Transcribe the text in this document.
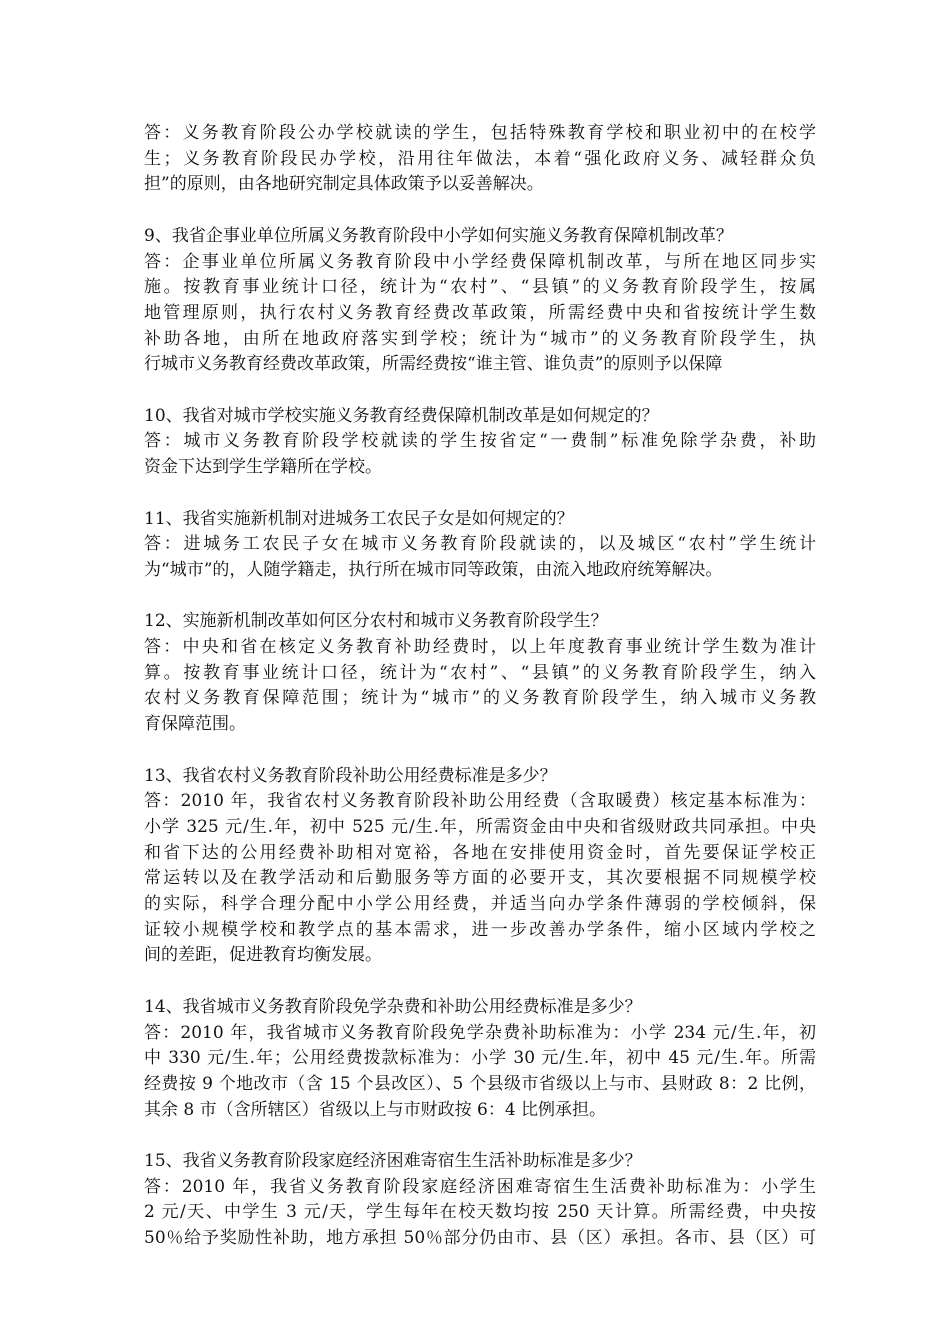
答：义务教育阶段公办学校就读的学生，包括特殊教育学校和职业初中的在校学
生；义务教育阶段民办学校，沿用往年做法，本着“强化政府义务、减轻群众负
担”的原则，由各地研究制定具体政策予以妥善解决。
9、我省企事业单位所属义务教育阶段中小学如何实施义务教育保障机制改革？
答：企事业单位所属义务教育阶段中小学经费保障机制改革，与所在地区同步实
施。按教育事业统计口径，统计为“农村”、“县镇”的义务教育阶段学生，按属
地管理原则，执行农村义务教育经费改革政策，所需经费中央和省按统计学生数
补助各地，由所在地政府落实到学校；统计为“城市”的义务教育阶段学生，执
行城市义务教育经费改革政策，所需经费按“谁主管、谁负责”的原则予以保障
10、我省对城市学校实施义务教育经费保障机制改革是如何规定的？
答：城市义务教育阶段学校就读的学生按省定“一费制”标准免除学杂费，补助
资金下达到学生学籍所在学校。
11、我省实施新机制对进城务工农民子女是如何规定的？
答：进城务工农民子女在城市义务教育阶段就读的，以及城区“农村”学生统计
为“城市”的，人随学籍走，执行所在城市同等政策，由流入地政府统筹解决。
12、实施新机制改革如何区分农村和城市义务教育阶段学生？
答：中央和省在核定义务教育补助经费时，以上年度教育事业统计学生数为准计
算。按教育事业统计口径，统计为“农村”、“县镇”的义务教育阶段学生，纳入
农村义务教育保障范围；统计为“城市”的义务教育阶段学生，纳入城市义务教
育保障范围。
13、我省农村义务教育阶段补助公用经费标准是多少？
答：2010 年，我省农村义务教育阶段补助公用经费（含取暖费）核定基本标准为：
小学 325 元/生.年，初中 525 元/生.年，所需资金由中央和省级财政共同承担。中央
和省下达的公用经费补助相对宽裕，各地在安排使用资金时，首先要保证学校正
常运转以及在教学活动和后勤服务等方面的必要开支，其次要根据不同规模学校
的实际，科学合理分配中小学公用经费，并适当向办学条件薄弱的学校倾斜，保
证较小规模学校和教学点的基本需求，进一步改善办学条件，缩小区域内学校之
间的差距，促进教育均衡发展。
14、我省城市义务教育阶段免学杂费和补助公用经费标准是多少？
答：2010 年，我省城市义务教育阶段免学杂费补助标准为：小学 234 元/生.年，初
中 330 元/生.年；公用经费拨款标准为：小学 30 元/生.年，初中 45 元/生.年。所需
经费按 9 个地改市（含 15 个县改区）、5 个县级市省级以上与市、县财政 8：2 比例，
其余 8 市（含所辖区）省级以上与市财政按 6：4 比例承担。
15、我省义务教育阶段家庭经济困难寄宿生生活补助标准是多少？
答：2010 年，我省义务教育阶段家庭经济困难寄宿生生活费补助标准为：小学生
2 元/天、中学生 3 元/天，学生每年在校天数均按 250 天计算。所需经费，中央按
50％给予奖励性补助，地方承担 50％部分仍由市、县（区）承担。各市、县（区）可
